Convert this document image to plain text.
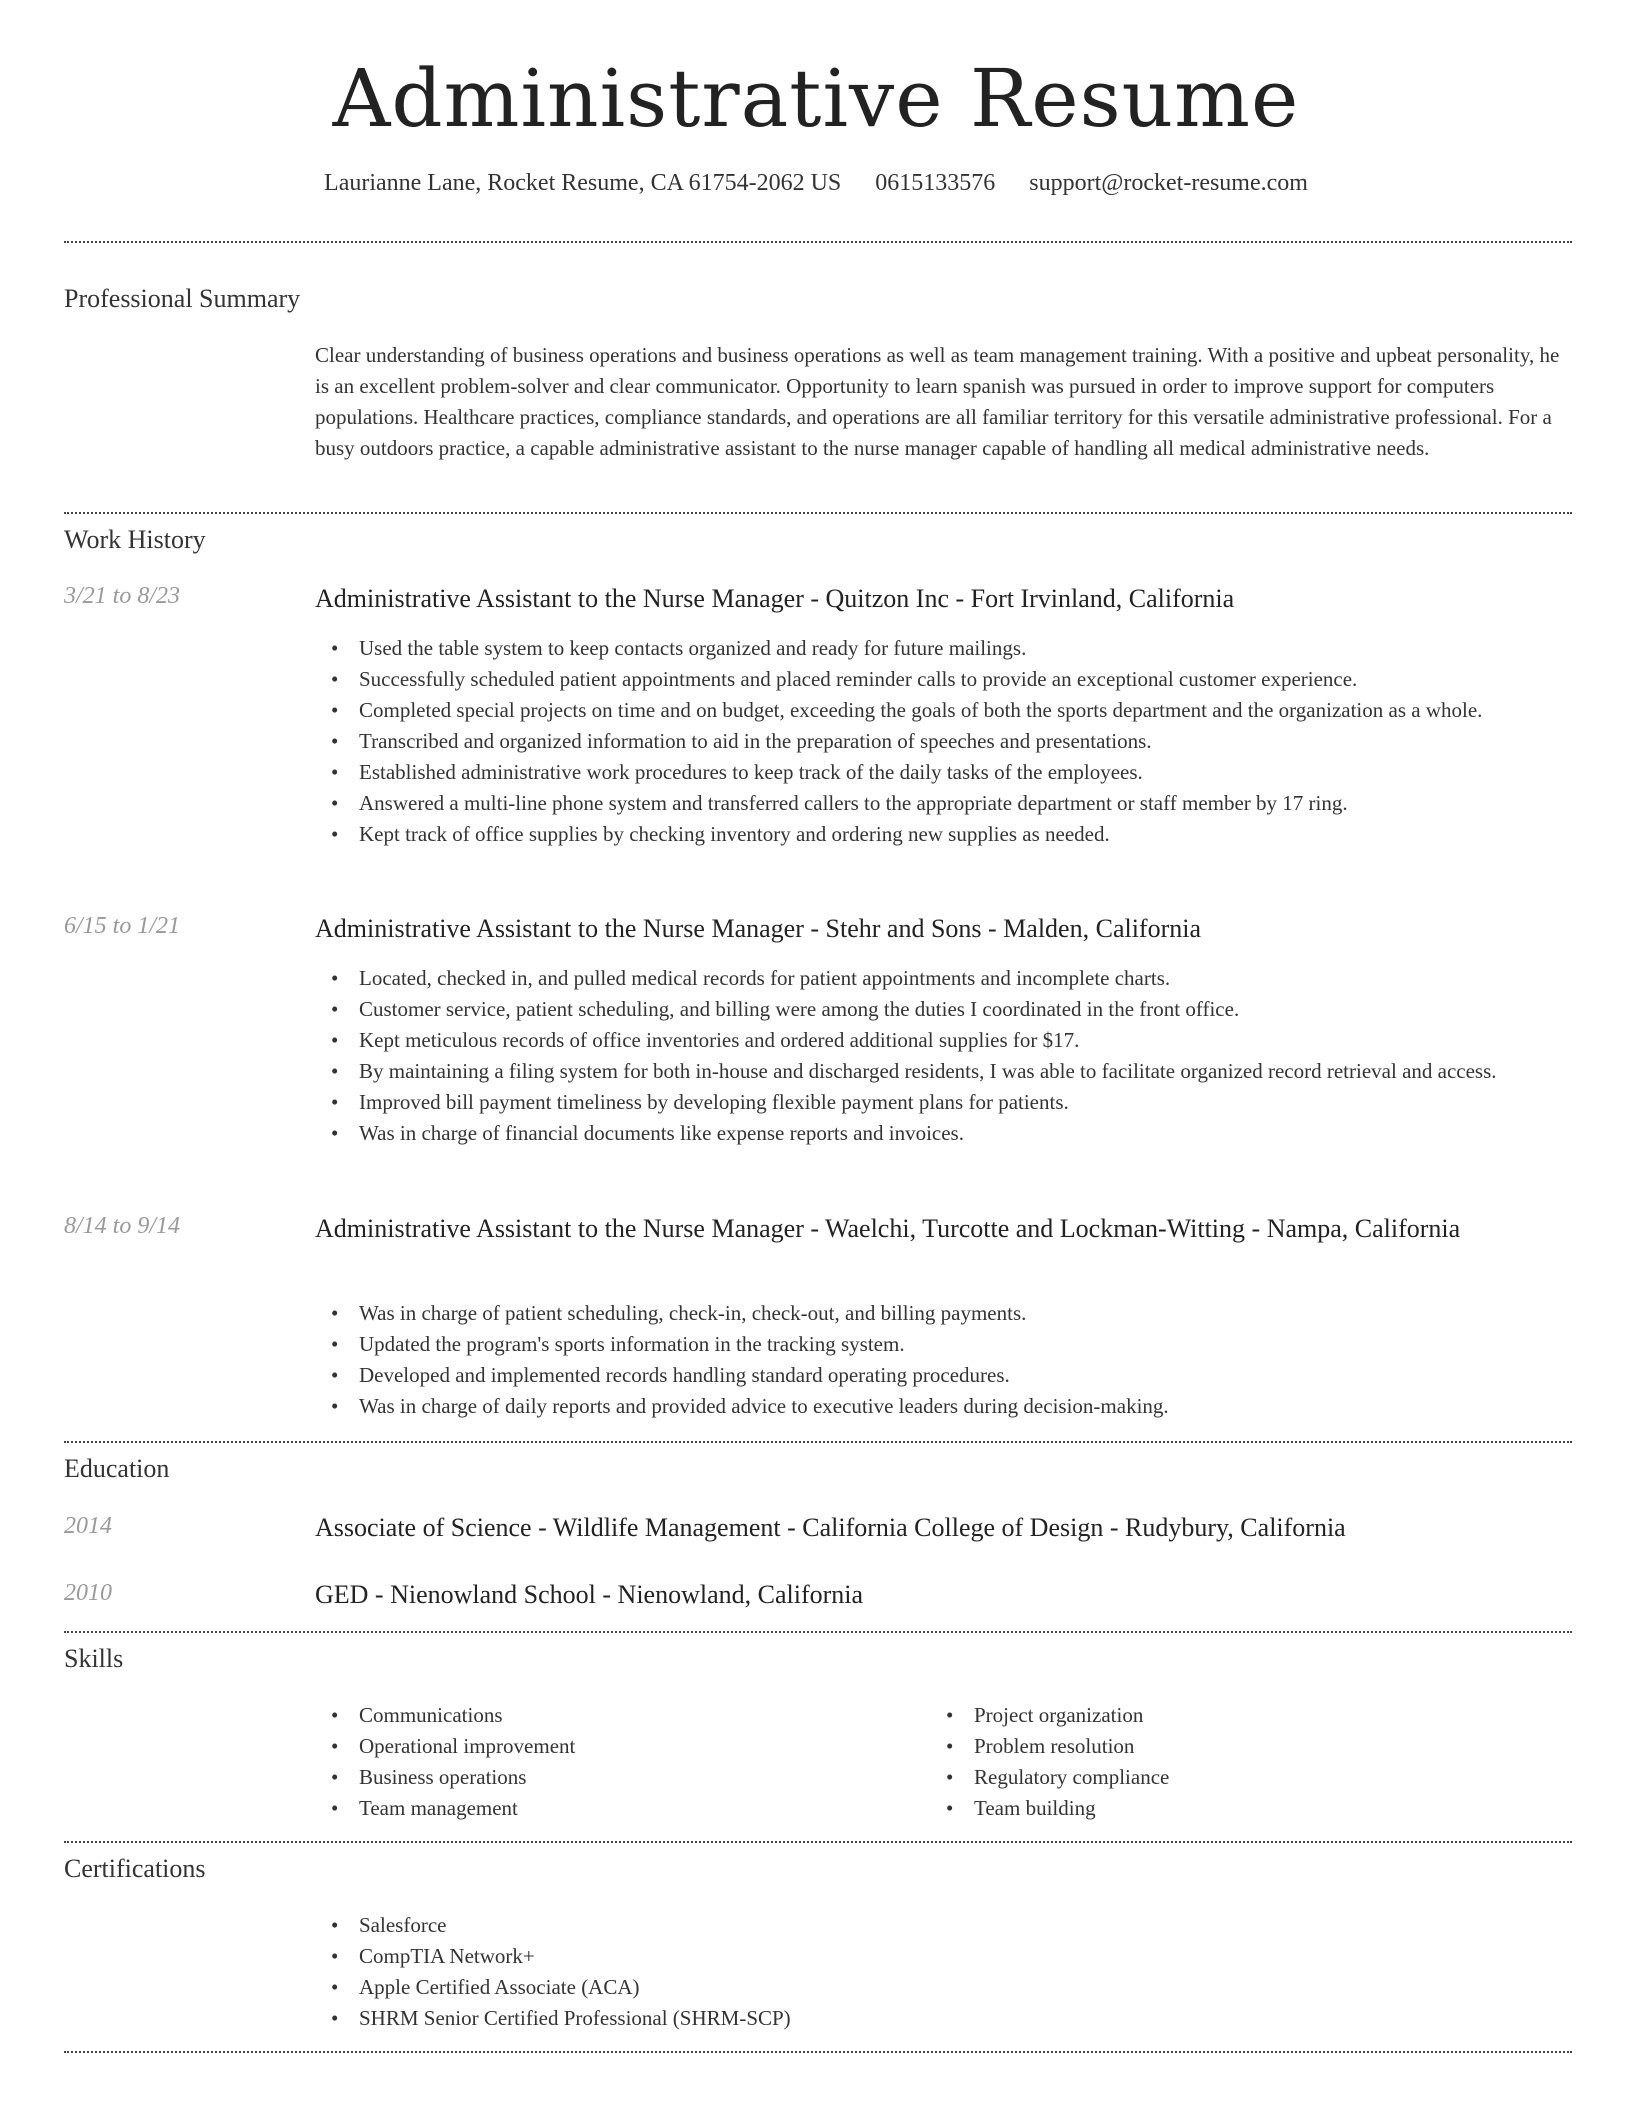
Administrative Resume
Laurianne Lane, Rocket Resume, CA 61754-2062 US 0615133576 support@rocket-resume.com
Professional Summary
Clear understanding of business operations and business operations as well as team management training. With a positive and upbeat personality, he is an excellent problem-solver and clear communicator. Opportunity to learn spanish was pursued in order to improve support for computers populations. Healthcare practices, compliance standards, and operations are all familiar territory for this versatile administrative professional. For a busy outdoors practice, a capable administrative assistant to the nurse manager capable of handling all medical administrative needs.
Work History
3/21 to 8/23	Administrative Assistant to the Nurse Manager - Quitzon Inc - Fort Irvinland, California
• Used the table system to keep contacts organized and ready for future mailings.
• Successfully scheduled patient appointments and placed reminder calls to provide an exceptional customer experience.
• Completed special projects on time and on budget, exceeding the goals of both the sports department and the organization as a whole.
• Transcribed and organized information to aid in the preparation of speeches and presentations.
• Established administrative work procedures to keep track of the daily tasks of the employees.
• Answered a multi-line phone system and transferred callers to the appropriate department or staff member by 17 ring.
• Kept track of office supplies by checking inventory and ordering new supplies as needed.
6/15 to 1/21	Administrative Assistant to the Nurse Manager - Stehr and Sons - Malden, California
• Located, checked in, and pulled medical records for patient appointments and incomplete charts.
• Customer service, patient scheduling, and billing were among the duties I coordinated in the front office.
• Kept meticulous records of office inventories and ordered additional supplies for $17.
• By maintaining a filing system for both in-house and discharged residents, I was able to facilitate organized record retrieval and access.
• Improved bill payment timeliness by developing flexible payment plans for patients.
• Was in charge of financial documents like expense reports and invoices.
8/14 to 9/14	Administrative Assistant to the Nurse Manager - Waelchi, Turcotte and Lockman-Witting - Nampa, California
• Was in charge of patient scheduling, check-in, check-out, and billing payments.
• Updated the program's sports information in the tracking system.
• Developed and implemented records handling standard operating procedures.
• Was in charge of daily reports and provided advice to executive leaders during decision-making.
Education
2014	Associate of Science - Wildlife Management - California College of Design - Rudybury, California
2010	GED - Nienowland School - Nienowland, California
Skills
• Communications
• Operational improvement
• Business operations
• Team management
• Project organization
• Problem resolution
• Regulatory compliance
• Team building
Certifications
• Salesforce
• CompTIA Network+
• Apple Certified Associate (ACA)
• SHRM Senior Certified Professional (SHRM-SCP)
